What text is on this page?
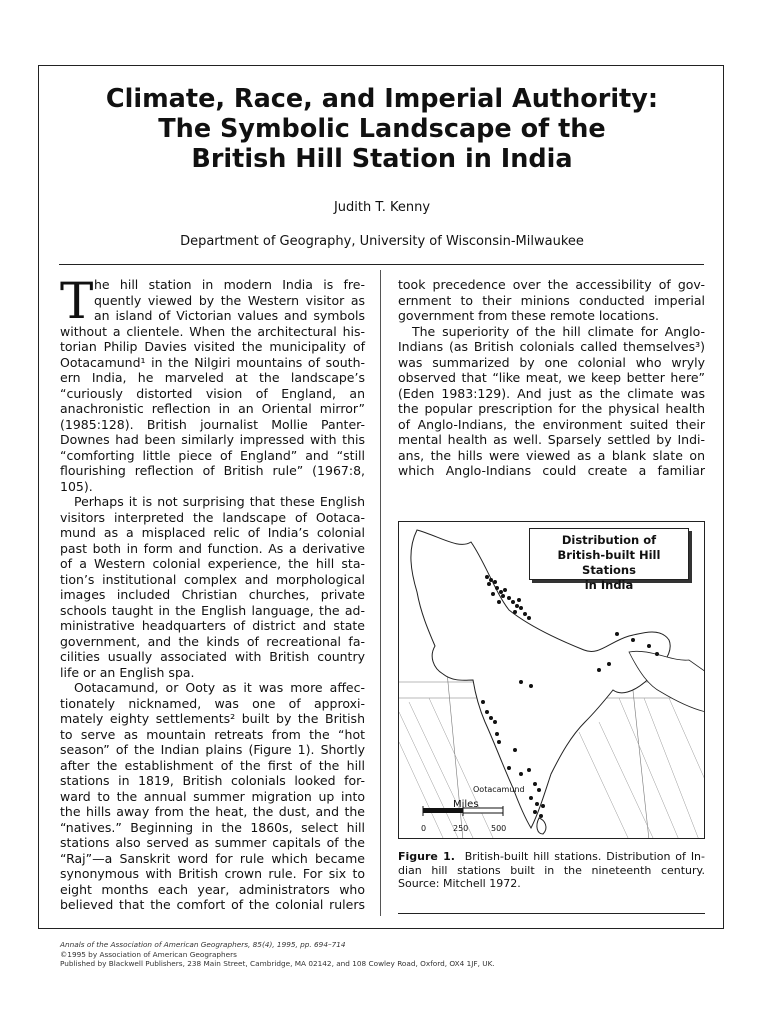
Climate, Race, and Imperial Authority:
The Symbolic Landscape of the
British Hill Station in India
Judith T. Kenny
Department of Geography, University of Wisconsin-Milwaukee
T he hill station in modern India is fre-
quently viewed by the Western visitor as
an island of Victorian values and symbols
without a clientele. When the architectural his-
torian Philip Davies visited the municipality of
Ootacamund¹ in the Nilgiri mountains of south-
ern India, he marveled at the landscape’s
“curiously distorted vision of England, an
anachronistic reflection in an Oriental mirror”
(1985:128). British journalist Mollie Panter-
Downes had been similarly impressed with this
“comforting little piece of England” and “still
flourishing reflection of British rule” (1967:8,
105).
Perhaps it is not surprising that these English
visitors interpreted the landscape of Ootaca-
mund as a misplaced relic of India’s colonial
past both in form and function. As a derivative
of a Western colonial experience, the hill sta-
tion’s institutional complex and morphological
images included Christian churches, private
schools taught in the English language, the ad-
ministrative headquarters of district and state
government, and the kinds of recreational fa-
cilities usually associated with British country
life or an English spa.
Ootacamund, or Ooty as it was more affec-
tionately nicknamed, was one of approxi-
mately eighty settlements² built by the British
to serve as mountain retreats from the “hot
season” of the Indian plains (Figure 1). Shortly
after the establishment of the first of the hill
stations in 1819, British colonials looked for-
ward to the annual summer migration up into
the hills away from the heat, the dust, and the
“natives.” Beginning in the 1860s, select hill
stations also served as summer capitals of the
“Raj”—a Sanskrit word for rule which became
synonymous with British crown rule. For six to
eight months each year, administrators who
believed that the comfort of the colonial rulers
took precedence over the accessibility of gov-
ernment to their minions conducted imperial
government from these remote locations.
The superiority of the hill climate for Anglo-
Indians (as British colonials called themselves³)
was summarized by one colonial who wryly
observed that “like meat, we keep better here”
(Eden 1983:129). And just as the climate was
the popular prescription for the physical health
of Anglo-Indians, the environment suited their
mental health as well. Sparsely settled by Indi-
ans, the hills were viewed as a blank slate on
which Anglo-Indians could create a familiar
Distribution of
British-built Hill Stations
in India
Ootacamund
Miles
0	250	500
Figure 1. British-built hill stations. Distribution of In-
dian hill stations built in the nineteenth century.
Source: Mitchell 1972.
Annals of the Association of American Geographers, 85(4), 1995, pp. 694–714
©1995 by Association of American Geographers
Published by Blackwell Publishers, 238 Main Street, Cambridge, MA 02142, and 108 Cowley Road, Oxford, OX4 1JF, UK.
